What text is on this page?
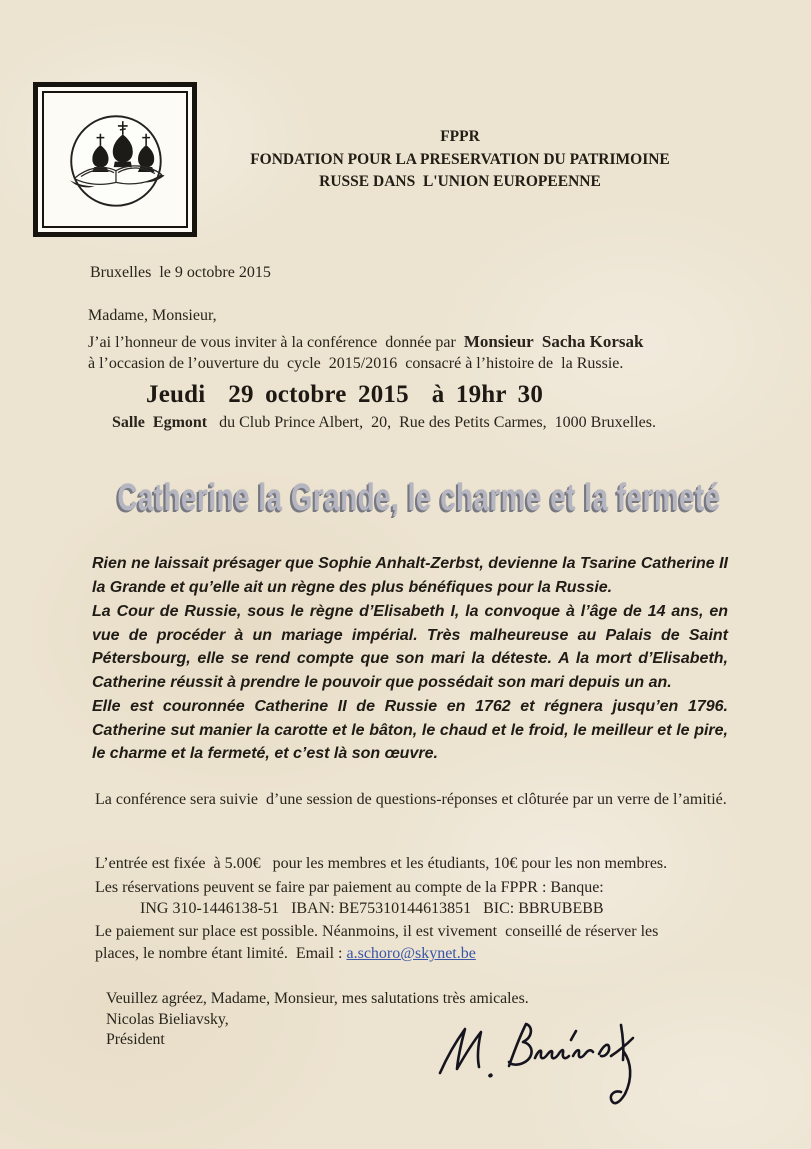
FPPR
FONDATION POUR LA PRESERVATION DU PATRIMOINE
RUSSE DANS  L'UNION EUROPEENNE
Bruxelles  le 9 octobre 2015
Madame, Monsieur,
J’ai l’honneur de vous inviter à la conférence  donnée par  Monsieur  Sacha Korsak
à l’occasion de l’ouverture du  cycle  2015/2016  consacré à l’histoire de  la Russie.
Jeudi  29 octobre 2015  à 19hr 30
Salle  Egmont   du Club Prince Albert,  20,  Rue des Petits Carmes,  1000 Bruxelles.
Catherine la Grande, le charme et la fermeté

Rien ne laissait présager que Sophie Anhalt-Zerbst, devienne la Tsarine Catherine II la Grande et qu’elle ait un règne des plus bénéfiques pour la Russie.

La Cour de Russie, sous le règne d’Elisabeth I, la convoque à l’âge de 14 ans, en vue de procéder à un mariage impérial. Très malheureuse au Palais de Saint Pétersbourg, elle se rend compte que son mari la déteste. A la mort d’Elisabeth, Catherine réussit à prendre le pouvoir que possédait son mari depuis un an.

Elle est couronnée Catherine II de Russie en 1762 et régnera jusqu’en 1796. Catherine sut manier la carotte et le bâton, le chaud et le froid, le meilleur et le pire, le charme et la fermeté, et c’est là son œuvre.

La conférence sera suivie  d’une session de questions-réponses et clôturée par un verre de l’amitié.
L’entrée est fixée  à 5.00€   pour les membres et les étudiants, 10€ pour les non membres.
Les réservations peuvent se faire par paiement au compte de la FPPR : Banque:
ING 310-1446138-51   IBAN: BE75310144613851   BIC: BBRUBEBB
Le paiement sur place est possible. Néanmoins, il est vivement  conseillé de réserver les
places, le nombre étant limité.  Email : a.schoro@skynet.be
Veuillez agréez, Madame, Monsieur, mes salutations très amicales.
Nicolas Bieliavsky,
Président
